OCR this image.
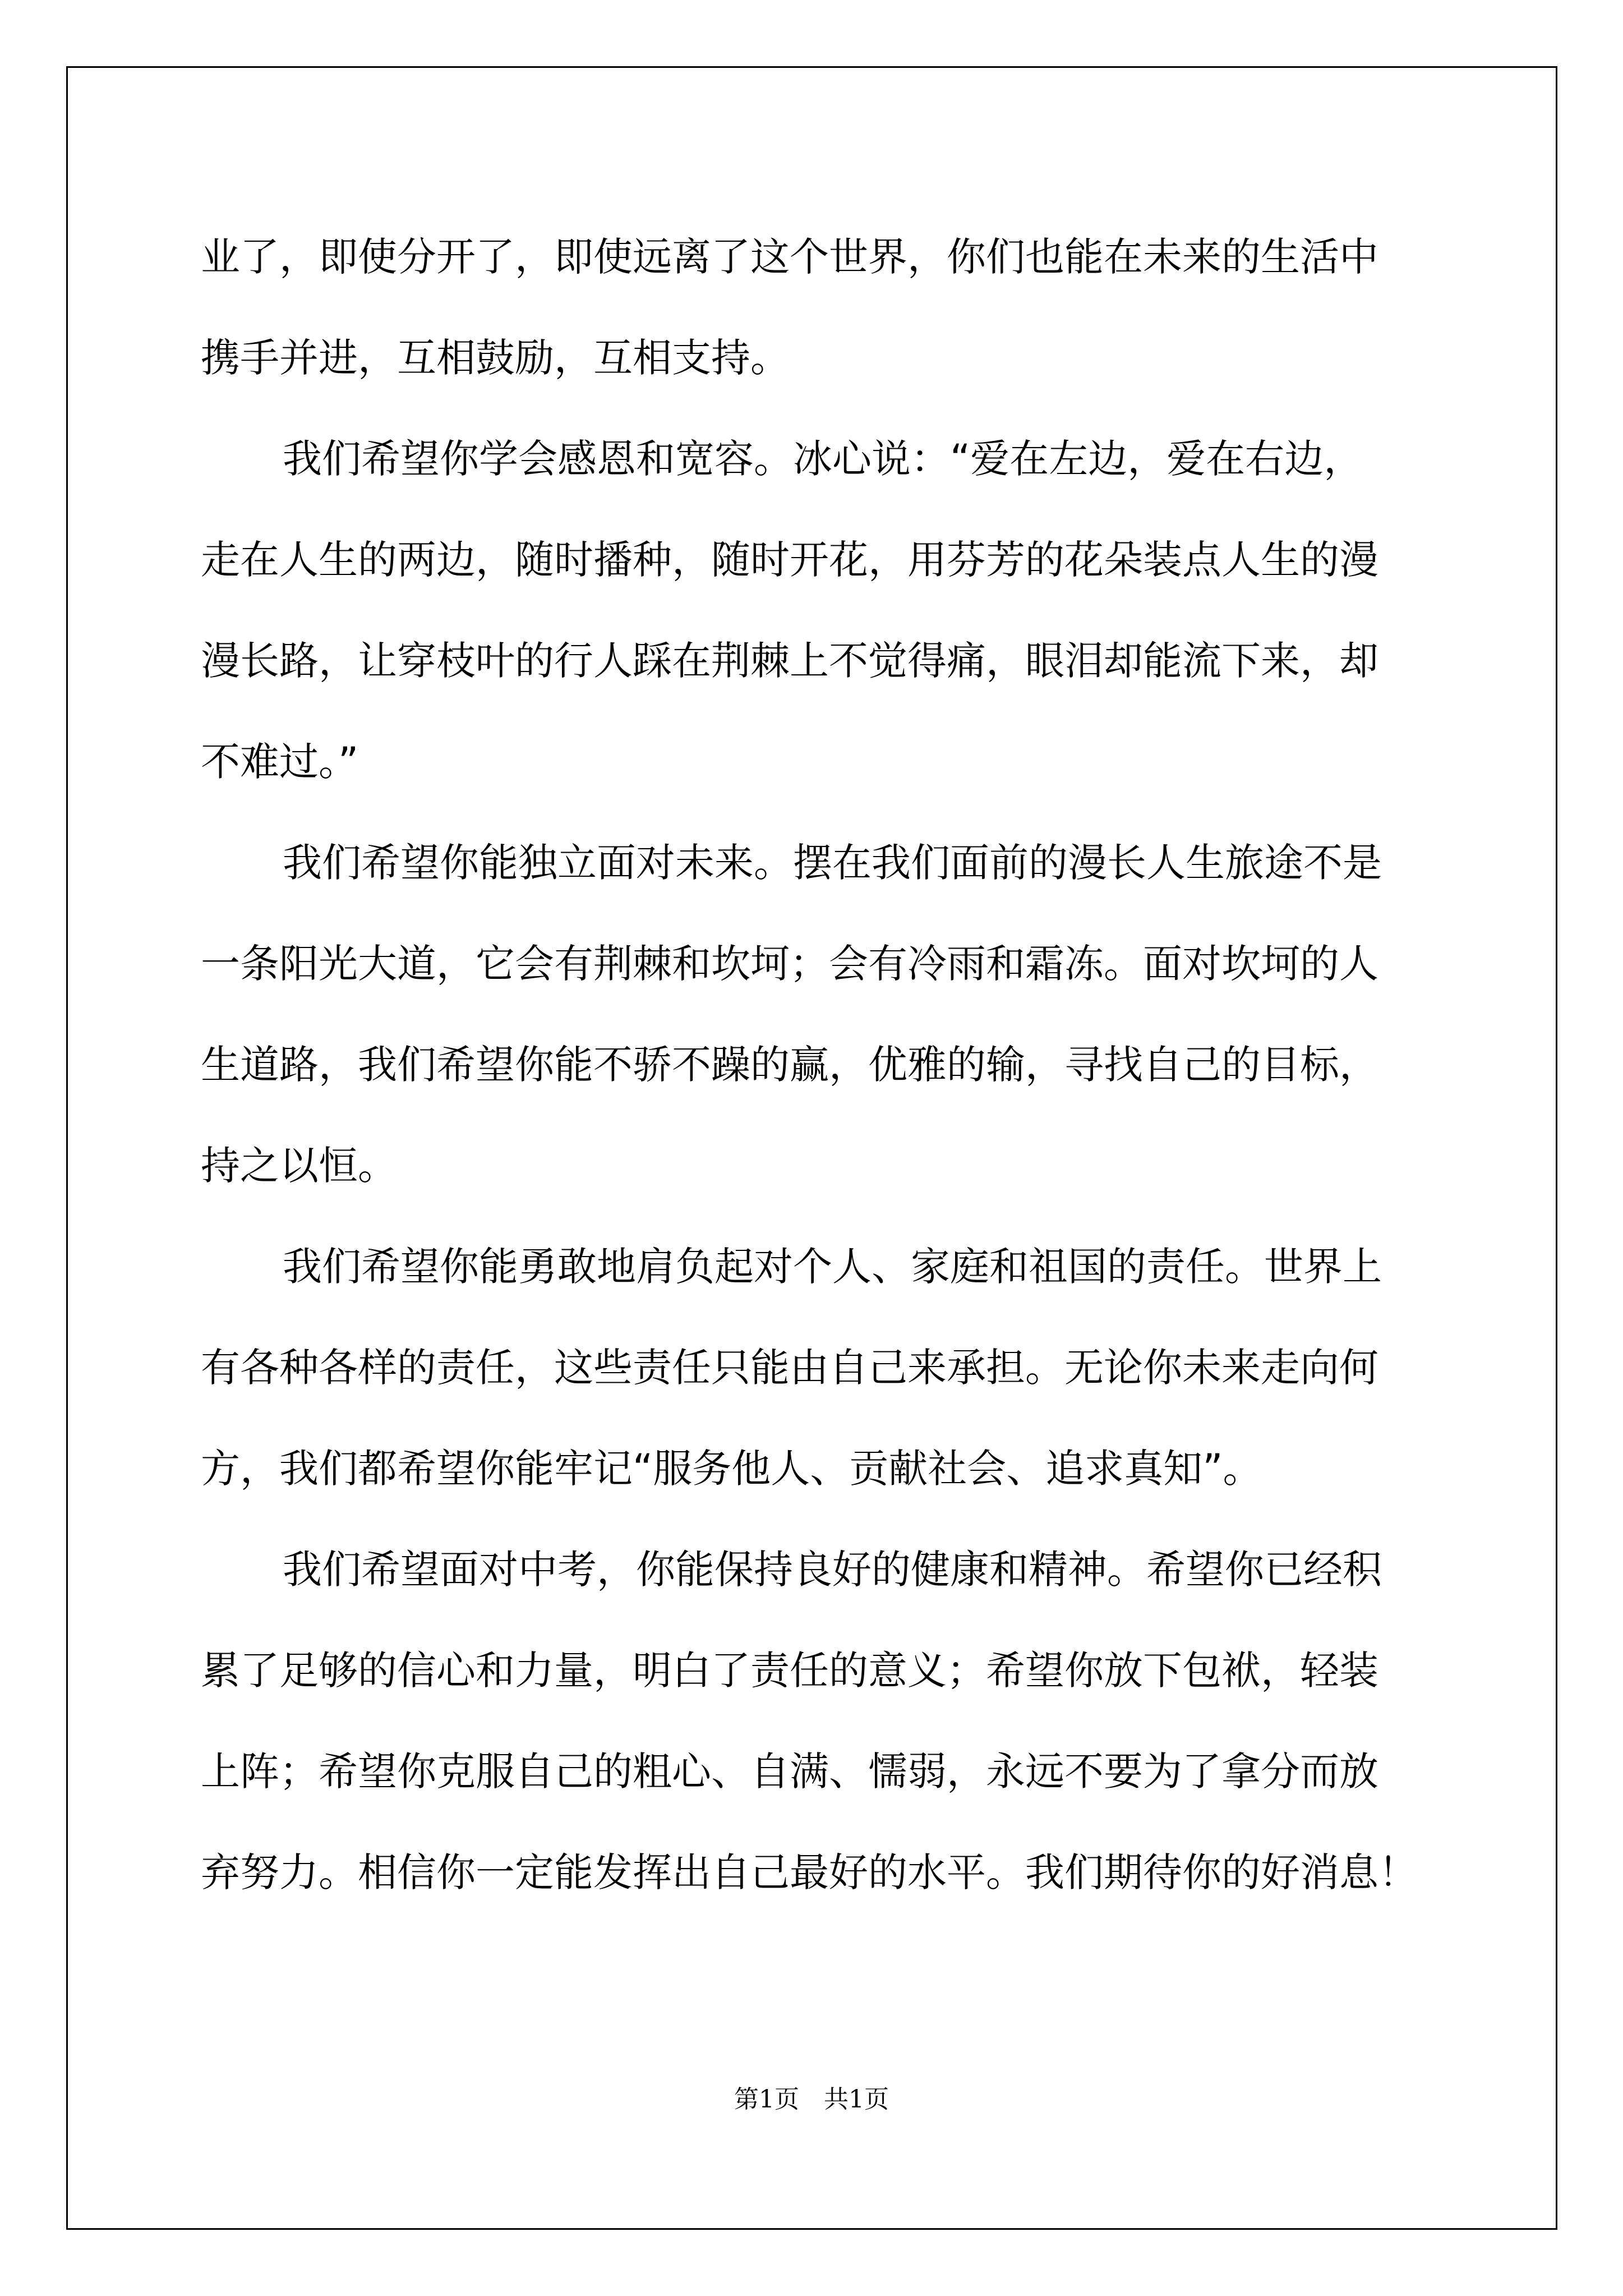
业了，即使分开了，即使远离了这个世界，你们也能在未来的生活中
携手并进，互相鼓励，互相支持。
我们希望你学会感恩和宽容。冰心说：“爱在左边，爱在右边，
走在人生的两边，随时播种，随时开花，用芬芳的花朵装点人生的漫
漫长路，让穿枝叶的行人踩在荆棘上不觉得痛，眼泪却能流下来，却
不难过。”
我们希望你能独立面对未来。摆在我们面前的漫长人生旅途不是
一条阳光大道，它会有荆棘和坎坷；会有冷雨和霜冻。面对坎坷的人
生道路，我们希望你能不骄不躁的赢，优雅的输，寻找自己的目标，
持之以恒。
我们希望你能勇敢地肩负起对个人、家庭和祖国的责任。世界上
有各种各样的责任，这些责任只能由自己来承担。无论你未来走向何
方，我们都希望你能牢记“服务他人、贡献社会、追求真知”。
我们希望面对中考，你能保持良好的健康和精神。希望你已经积
累了足够的信心和力量，明白了责任的意义；希望你放下包袱，轻装
上阵；希望你克服自己的粗心、自满、懦弱，永远不要为了拿分而放
弃努力。相信你一定能发挥出自己最好的水平。我们期待你的好消息！
第1页　共1页
